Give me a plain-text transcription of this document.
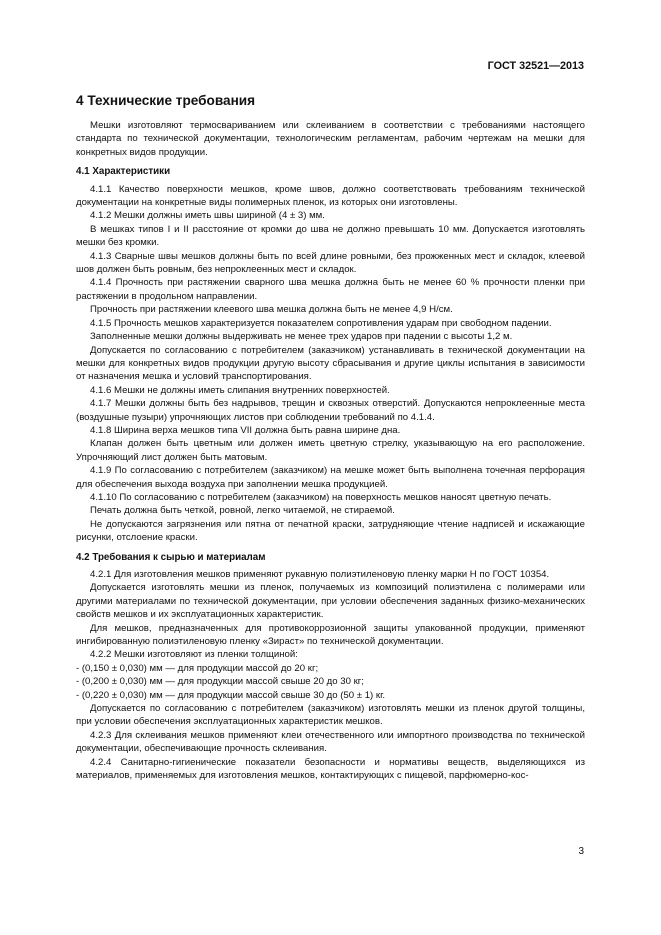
ГОСТ 32521—2013
4 Технические требования

Мешки изготовляют термосвариванием или склеиванием в соответствии с требованиями настоящего стандарта по технической документации, технологическим регламентам, рабочим чертежам на мешки для конкретных видов продукции.

4.1 Характеристики

4.1.1 Качество поверхности мешков, кроме швов, должно соответствовать требованиям технической документации на конкретные виды полимерных пленок, из которых они изготовлены.

4.1.2 Мешки должны иметь швы шириной (4 ± 3) мм.

В мешках типов I и II расстояние от кромки до шва не должно превышать 10 мм. Допускается изготовлять мешки без кромки.

4.1.3 Сварные швы мешков должны быть по всей длине ровными, без прожженных мест и складок, клеевой шов должен быть ровным, без непроклеенных мест и складок.

4.1.4 Прочность при растяжении сварного шва мешка должна быть не менее 60 % прочности пленки при растяжении в продольном направлении.

Прочность при растяжении клеевого шва мешка должна быть не менее 4,9 Н/см.

4.1.5 Прочность мешков характеризуется показателем сопротивления ударам при свободном падении.

Заполненные мешки должны выдерживать не менее трех ударов при падении с высоты 1,2 м.

Допускается по согласованию с потребителем (заказчиком) устанавливать в технической документации на мешки для конкретных видов продукции другую высоту сбрасывания и другие циклы испытания в зависимости от назначения мешка и условий транспортирования.

4.1.6 Мешки не должны иметь слипания внутренних поверхностей.

4.1.7 Мешки должны быть без надрывов, трещин и сквозных отверстий. Допускаются непроклеенные места (воздушные пузыри) упрочняющих листов при соблюдении требований по 4.1.4.

4.1.8 Ширина верха мешков типа VII должна быть равна ширине дна.

Клапан должен быть цветным или должен иметь цветную стрелку, указывающую на его расположение. Упрочняющий лист должен быть матовым.

4.1.9 По согласованию с потребителем (заказчиком) на мешке может быть выполнена точечная перфорация для обеспечения выхода воздуха при заполнении мешка продукцией.

4.1.10 По согласованию с потребителем (заказчиком) на поверхность мешков наносят цветную печать.

Печать должна быть четкой, ровной, легко читаемой, не стираемой.

Не допускаются загрязнения или пятна от печатной краски, затрудняющие чтение надписей и искажающие рисунки, отслоение краски.

4.2 Требования к сырью и материалам

4.2.1 Для изготовления мешков применяют рукавную полиэтиленовую пленку марки Н по ГОСТ 10354.

Допускается изготовлять мешки из пленок, получаемых из композиций полиэтилена с полимерами или другими материалами по технической документации, при условии обеспечения заданных физико-механических свойств мешков и их эксплуатационных характеристик.

Для мешков, предназначенных для противокоррозионной защиты упакованной продукции, применяют ингибированную полиэтиленовую пленку «Зираст» по технической документации.

4.2.2 Мешки изготовляют из пленки толщиной:

- (0,150 ± 0,030) мм — для продукции массой до 20 кг;

- (0,200 ± 0,030) мм — для продукции массой свыше 20 до 30 кг;

- (0,220 ± 0,030) мм — для продукции массой свыше 30 до (50 ± 1) кг.

Допускается по согласованию с потребителем (заказчиком) изготовлять мешки из пленок другой толщины, при условии обеспечения эксплуатационных характеристик мешков.

4.2.3 Для склеивания мешков применяют клеи отечественного или импортного производства по технической документации, обеспечивающие прочность склеивания.

4.2.4 Санитарно-гигиенические показатели безопасности и нормативы веществ, выделяющихся из материалов, применяемых для изготовления мешков, контактирующих с пищевой, парфюмерно-кос-

3
